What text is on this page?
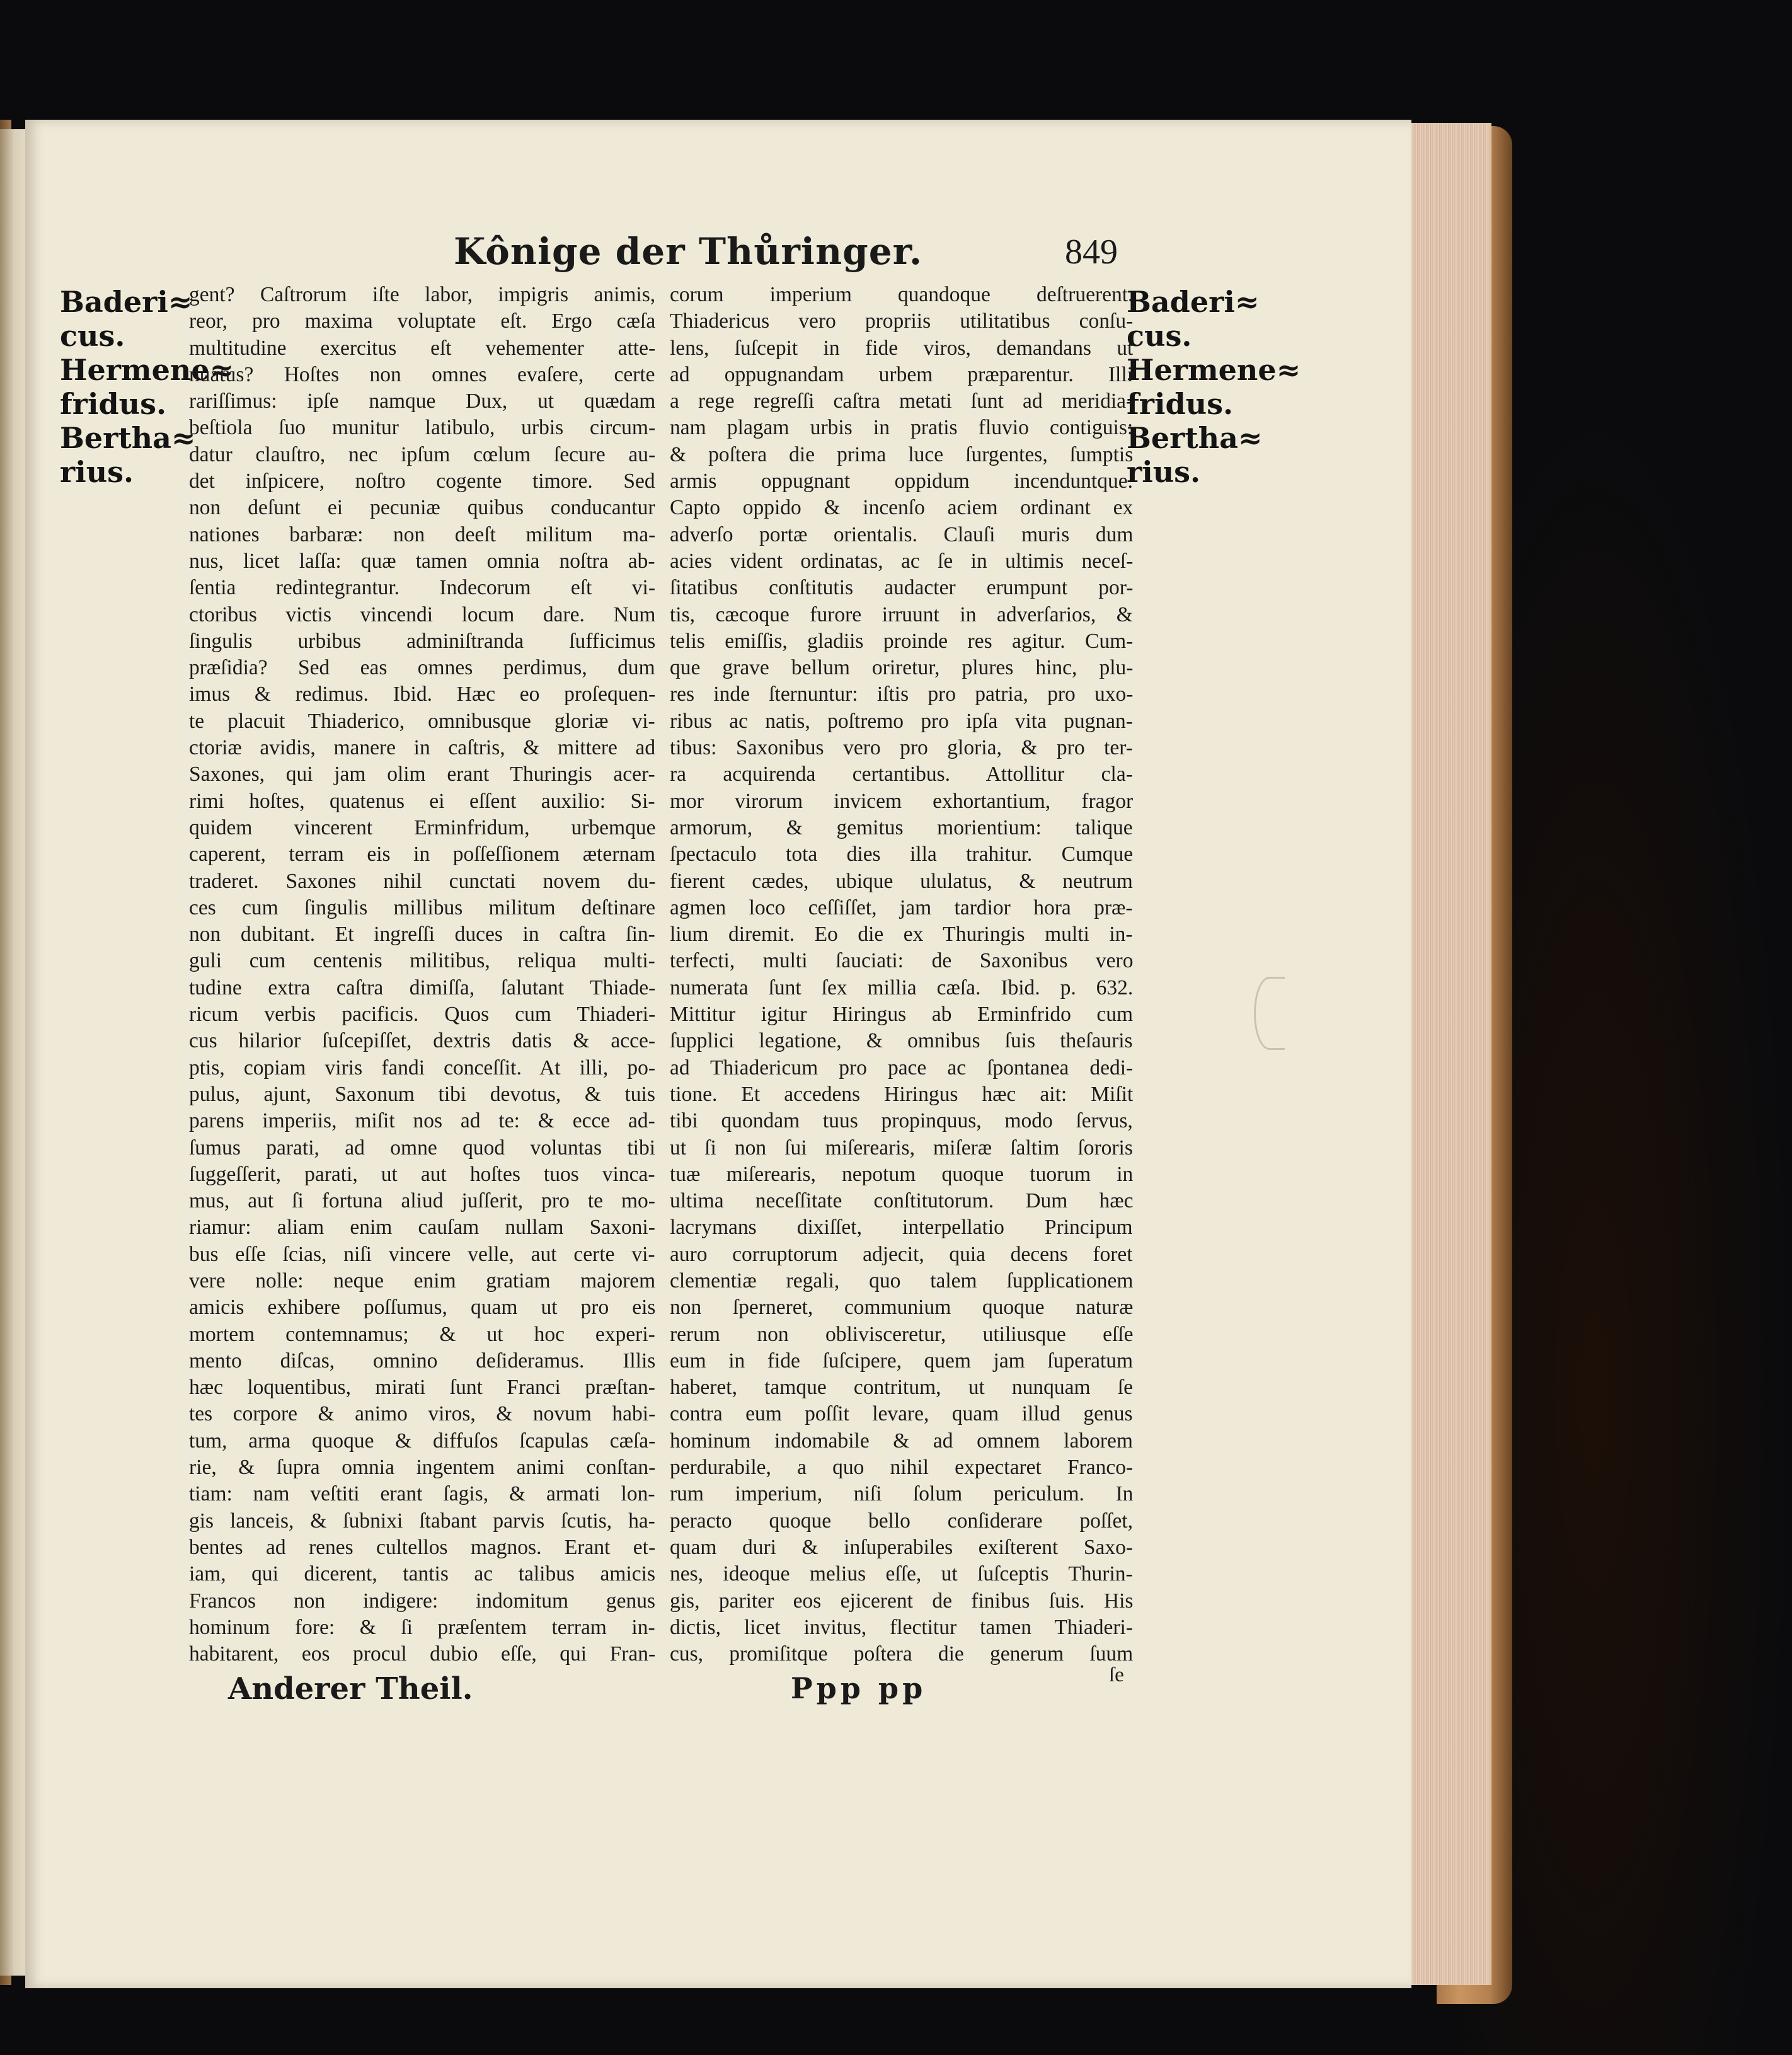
Kônige der Thůringer.	849
Baderi≈
cus.
Hermene≈
fridus.
Bertha≈
rius.
Baderi≈
cus.
Hermene≈
fridus.
Bertha≈
rius.
gent? Caſtrorum iſte labor, impigris animis,
reor, pro maxima voluptate eſt. Ergo cæſa
multitudine exercitus eſt vehementer atte-
nuatus? Hoſtes non omnes evaſere, certe
rariſſimus: ipſe namque Dux, ut quædam
beſtiola ſuo munitur latibulo, urbis circum-
datur clauſtro, nec ipſum cœlum ſecure au-
det inſpicere, noſtro cogente timore. Sed
non deſunt ei pecuniæ quibus conducantur
nationes barbaræ: non deeſt militum ma-
nus, licet laſſa: quæ tamen omnia noſtra ab-
ſentia redintegrantur. Indecorum eſt vi-
ctoribus victis vincendi locum dare. Num
ſingulis urbibus adminiſtranda ſufficimus
præſidia? Sed eas omnes perdimus, dum
imus & redimus. Ibid. Hæc eo proſequen-
te placuit Thiaderico, omnibusque gloriæ vi-
ctoriæ avidis, manere in caſtris, & mittere ad
Saxones, qui jam olim erant Thuringis acer-
rimi hoſtes, quatenus ei eſſent auxilio: Si-
quidem vincerent Erminfridum, urbemque
caperent, terram eis in poſſeſſionem æternam
traderet. Saxones nihil cunctati novem du-
ces cum ſingulis millibus militum deſtinare
non dubitant. Et ingreſſi duces in caſtra ſin-
guli cum centenis militibus, reliqua multi-
tudine extra caſtra dimiſſa, ſalutant Thiade-
ricum verbis pacificis. Quos cum Thiaderi-
cus hilarior ſuſcepiſſet, dextris datis & acce-
ptis, copiam viris fandi conceſſit. At illi, po-
pulus, ajunt, Saxonum tibi devotus, & tuis
parens imperiis, miſit nos ad te: & ecce ad-
ſumus parati, ad omne quod voluntas tibi
ſuggeſſerit, parati, ut aut hoſtes tuos vinca-
mus, aut ſi fortuna aliud juſſerit, pro te mo-
riamur: aliam enim cauſam nullam Saxoni-
bus eſſe ſcias, niſi vincere velle, aut certe vi-
vere nolle: neque enim gratiam majorem
amicis exhibere poſſumus, quam ut pro eis
mortem contemnamus; & ut hoc experi-
mento diſcas, omnino deſideramus. Illis
hæc loquentibus, mirati ſunt Franci præſtan-
tes corpore & animo viros, & novum habi-
tum, arma quoque & diffuſos ſcapulas cæſa-
rie, & ſupra omnia ingentem animi conſtan-
tiam: nam veſtiti erant ſagis, & armati lon-
gis lanceis, & ſubnixi ſtabant parvis ſcutis, ha-
bentes ad renes cultellos magnos. Erant et-
iam, qui dicerent, tantis ac talibus amicis
Francos non indigere: indomitum genus
hominum fore: & ſi præſentem terram in-
habitarent, eos procul dubio eſſe, qui Fran-
corum imperium quandoque deſtruerent.
Thiadericus vero propriis utilitatibus conſu-
lens, ſuſcepit in fide viros, demandans ut
ad oppugnandam urbem præparentur. Illi
a rege regreſſi caſtra metati ſunt ad meridia-
nam plagam urbis in pratis fluvio contiguis:
& poſtera die prima luce ſurgentes, ſumptis
armis oppugnant oppidum incenduntque.
Capto oppido & incenſo aciem ordinant ex
adverſo portæ orientalis. Clauſi muris dum
acies vident ordinatas, ac ſe in ultimis neceſ-
ſitatibus conſtitutis audacter erumpunt por-
tis, cæcoque furore irruunt in adverſarios, &
telis emiſſis, gladiis proinde res agitur. Cum-
que grave bellum oriretur, plures hinc, plu-
res inde ſternuntur: iſtis pro patria, pro uxo-
ribus ac natis, poſtremo pro ipſa vita pugnan-
tibus: Saxonibus vero pro gloria, & pro ter-
ra acquirenda certantibus. Attollitur cla-
mor virorum invicem exhortantium, fragor
armorum, & gemitus morientium: talique
ſpectaculo tota dies illa trahitur. Cumque
fierent cædes, ubique ululatus, & neutrum
agmen loco ceſſiſſet, jam tardior hora præ-
lium diremit. Eo die ex Thuringis multi in-
terfecti, multi ſauciati: de Saxonibus vero
numerata ſunt ſex millia cæſa. Ibid. p. 632.
Mittitur igitur Hiringus ab Erminfrido cum
ſupplici legatione, & omnibus ſuis theſauris
ad Thiadericum pro pace ac ſpontanea dedi-
tione. Et accedens Hiringus hæc ait: Miſit
tibi quondam tuus propinquus, modo ſervus,
ut ſi non ſui miſerearis, miſeræ ſaltim ſororis
tuæ miſerearis, nepotum quoque tuorum in
ultima neceſſitate conſtitutorum. Dum hæc
lacrymans dixiſſet, interpellatio Principum
auro corruptorum adjecit, quia decens foret
clementiæ regali, quo talem ſupplicationem
non ſperneret, communium quoque naturæ
rerum non oblivisceretur, utiliusque eſſe
eum in fide ſuſcipere, quem jam ſuperatum
haberet, tamque contritum, ut nunquam ſe
contra eum poſſit levare, quam illud genus
hominum indomabile & ad omnem laborem
perdurabile, a quo nihil expectaret Franco-
rum imperium, niſi ſolum periculum. In
peracto quoque bello conſiderare poſſet,
quam duri & inſuperabiles exiſterent Saxo-
nes, ideoque melius eſſe, ut ſuſceptis Thurin-
gis, pariter eos ejicerent de finibus ſuis. His
dictis, licet invitus, flectitur tamen Thiaderi-
cus, promiſitque poſtera die generum ſuum
Anderer Theil.	Ppp pp	ſe
